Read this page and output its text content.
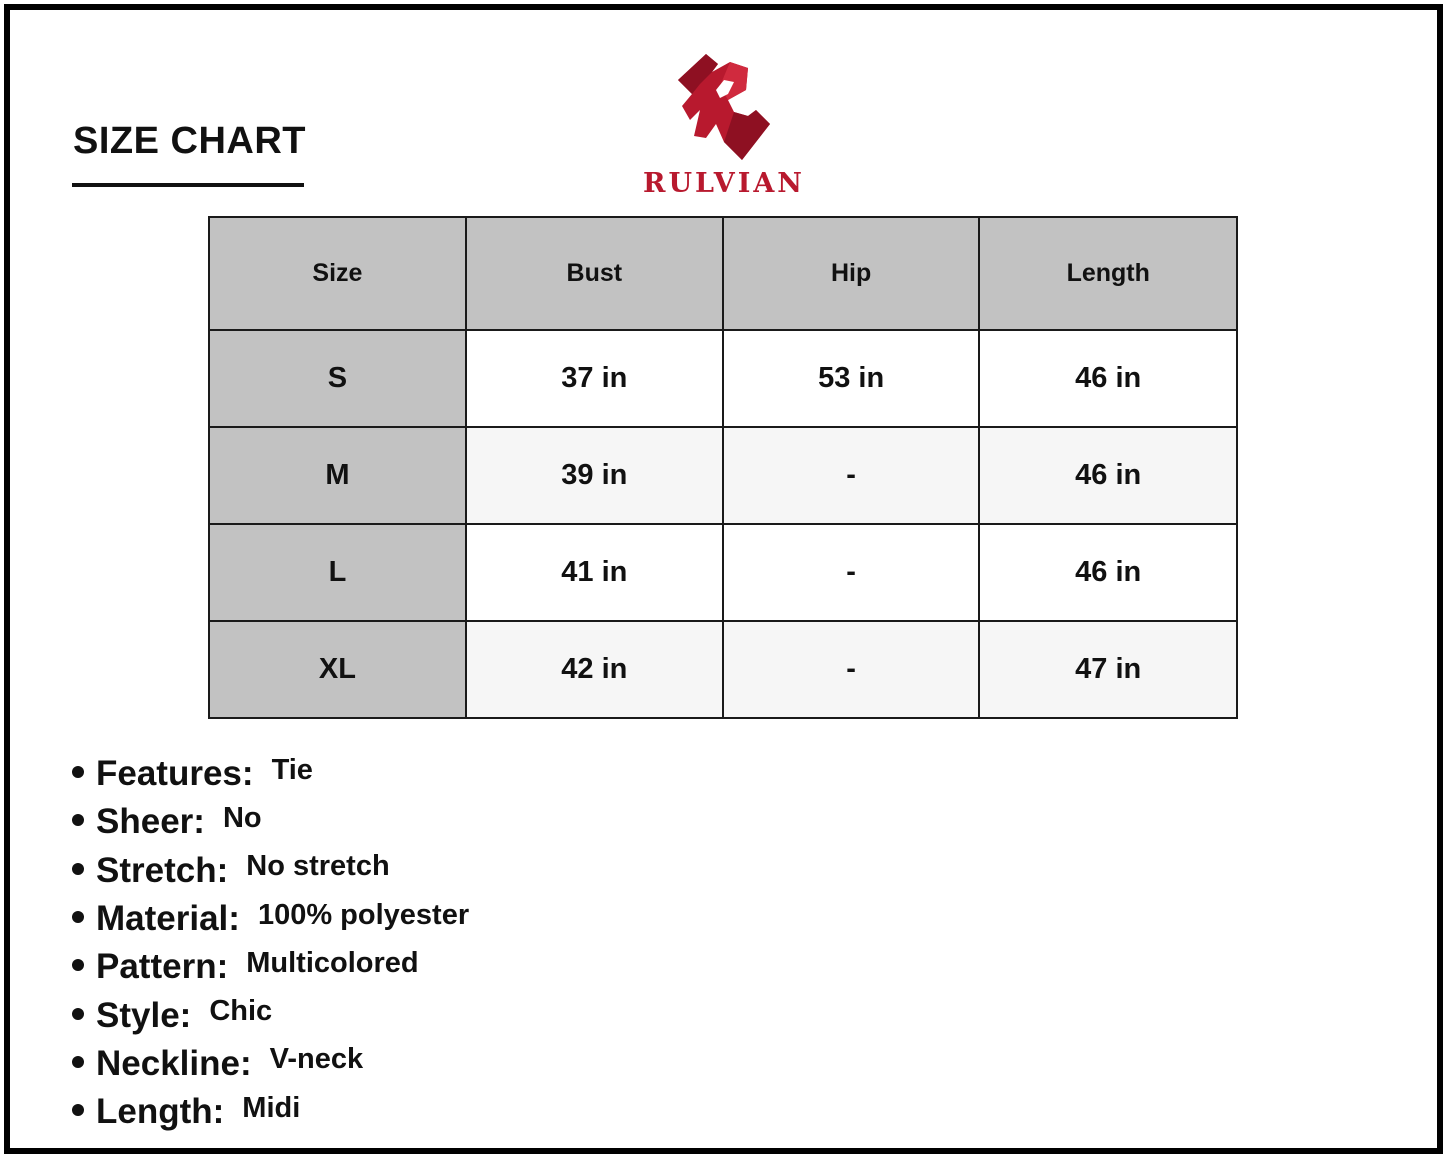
SIZE CHART
RULVIAN
Size	Bust	Hip	Length
S	37 in	53 in	46 in
M	39 in	-	46 in
L	41 in	-	46 in
XL	42 in	-	47 in
Features: Tie
Sheer: No
Stretch: No stretch
Material: 100% polyester
Pattern: Multicolored
Style: Chic
Neckline: V-neck
Length: Midi
